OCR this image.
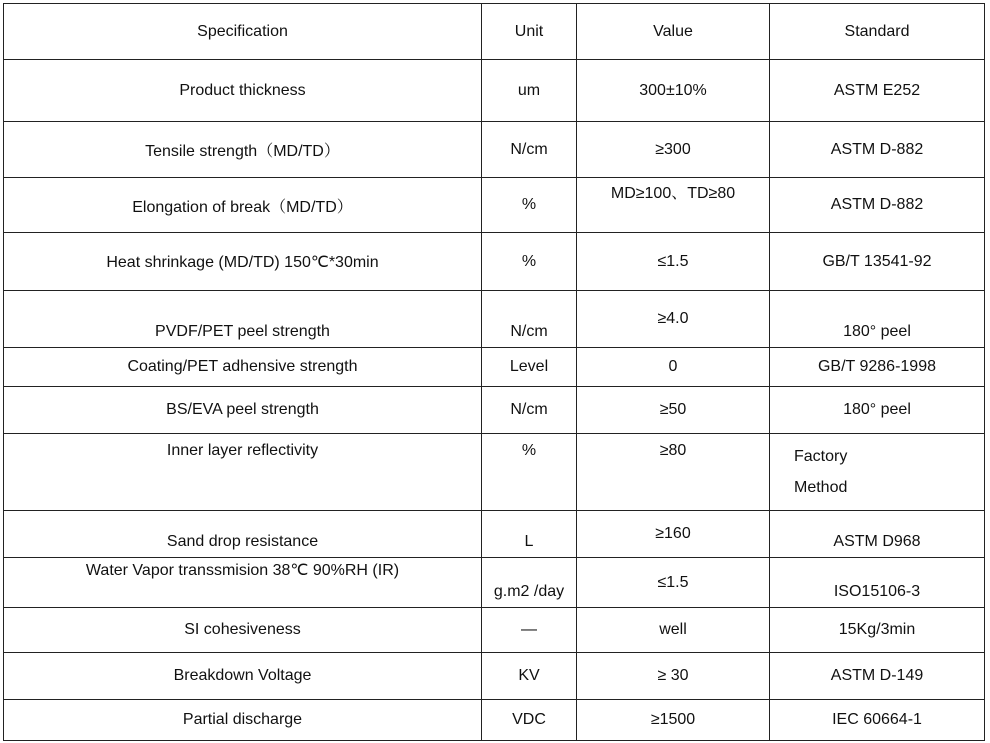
Specification	Unit	Value	Standard
Product thickness	um	300±10%	ASTM E252
Tensile strength（MD/TD）	N/cm	≥300	ASTM D-882
Elongation of break（MD/TD）	%	MD≥100、TD≥80	ASTM D-882
Heat shrinkage (MD/TD) 150℃*30min	%	≤1.5	GB/T 13541-92
PVDF/PET peel strength	N/cm	≥4.0	180° peel
Coating/PET adhensive strength	Level	0	GB/T 9286-1998
BS/EVA peel strength	N/cm	≥50	180° peel
Inner layer reflectivity	%	≥80	Factory
Method

Sand drop resistance	L	≥160	ASTM D968
Water Vapor transsmision 38℃ 90%RH (IR)	g.m2 /day	≤1.5	ISO15106-3
SI cohesiveness	—	well	15Kg/3min
Breakdown Voltage	KV	≥ 30	ASTM D-149
Partial discharge	VDC	≥1500	IEC 60664-1
